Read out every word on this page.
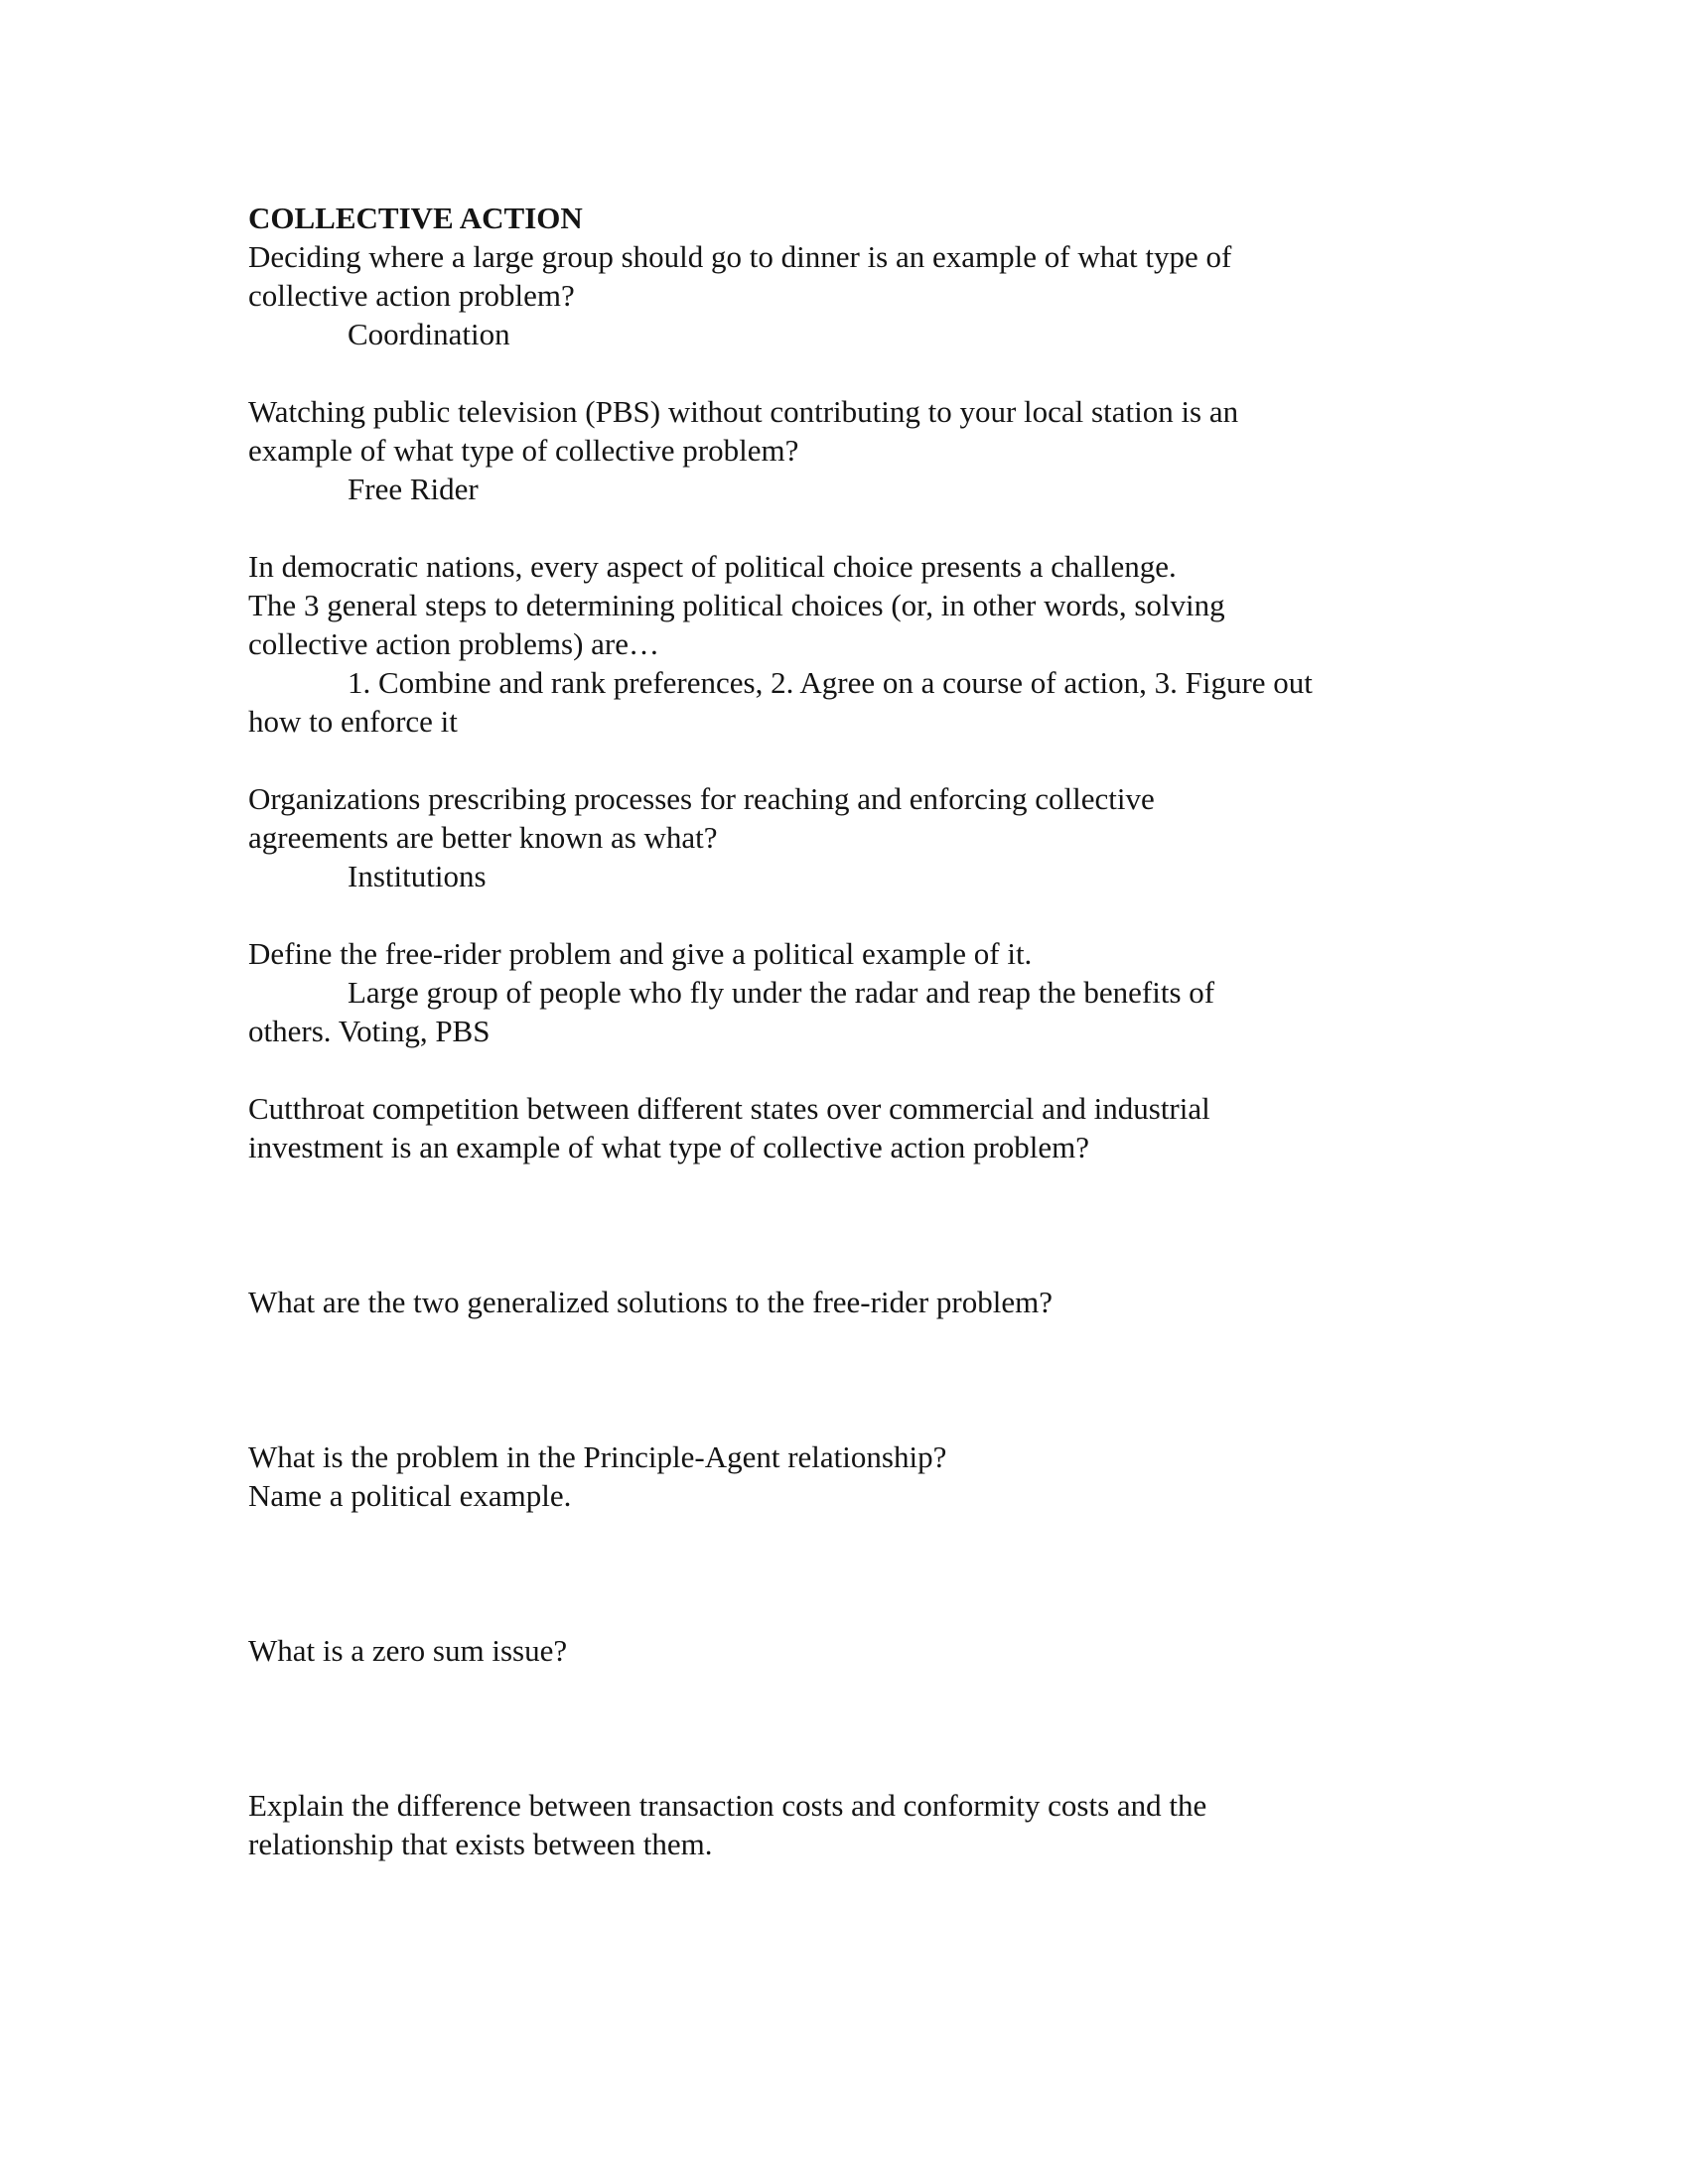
COLLECTIVE ACTION

Deciding where a large group should go to dinner is an example of what type of

collective action problem?

Coordination

Watching public television (PBS) without contributing to your local station is an

example of what type of collective problem?

Free Rider

In democratic nations, every aspect of political choice presents a challenge.

The 3 general steps to determining political choices (or, in other words, solving

collective action problems) are…

1. Combine and rank preferences, 2. Agree on a course of action, 3. Figure out

how to enforce it

Organizations prescribing processes for reaching and enforcing collective

agreements are better known as what?

Institutions

Define the free-rider problem and give a political example of it.

Large group of people who fly under the radar and reap the benefits of

others. Voting, PBS

Cutthroat competition between different states over commercial and industrial

investment is an example of what type of collective action problem?

What are the two generalized solutions to the free-rider problem?

What is the problem in the Principle-Agent relationship?

Name a political example.

What is a zero sum issue?

Explain the difference between transaction costs and conformity costs and the

relationship that exists between them.
